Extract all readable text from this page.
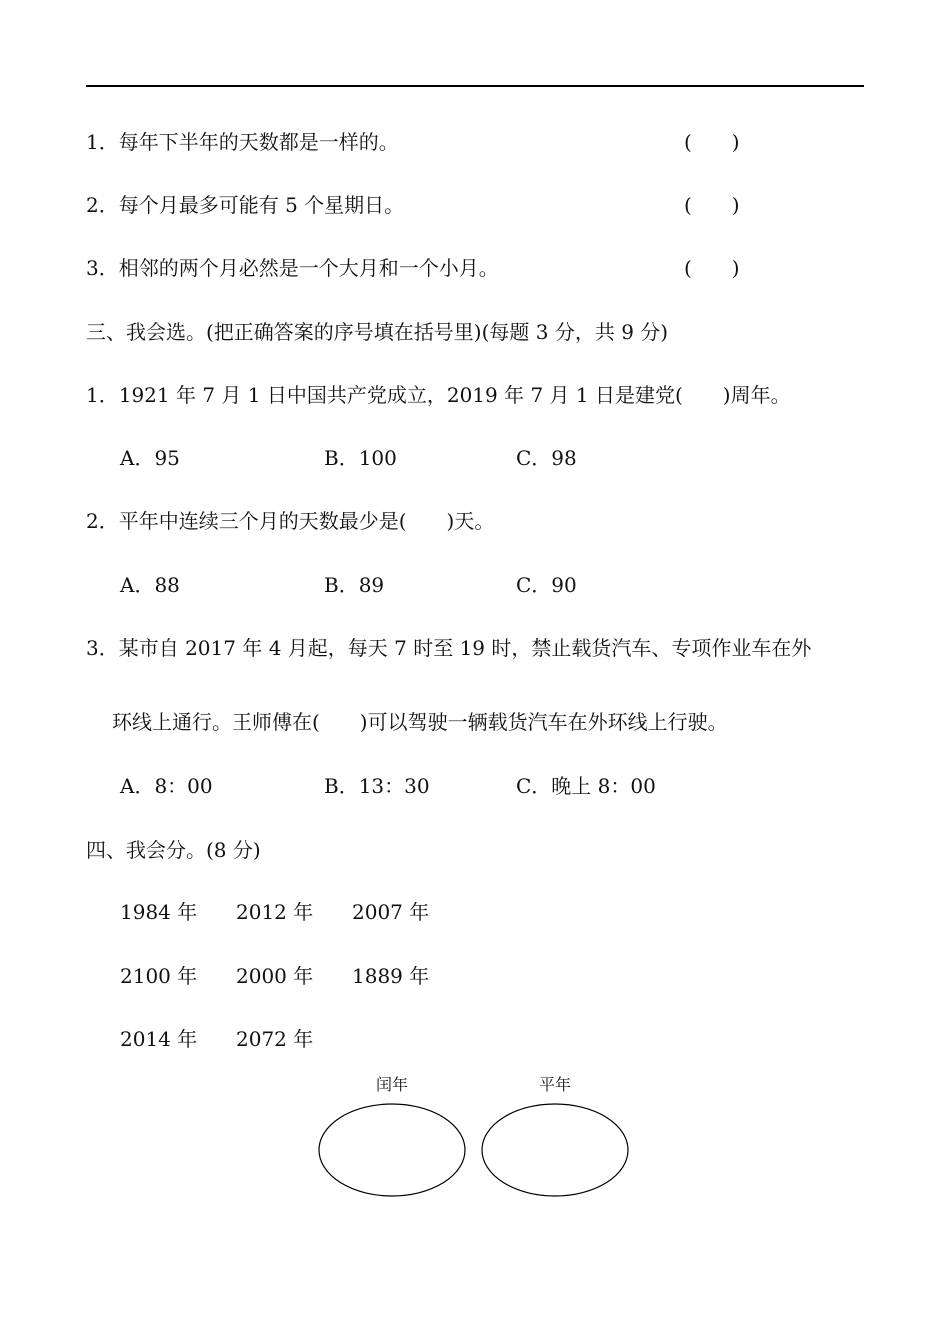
1．每年下半年的天数都是一样的。	(　　)
2．每个月最多可能有 5 个星期日。	(　　)
3．相邻的两个月必然是一个大月和一个小月。	(　　)
三、我会选。(把正确答案的序号填在括号里)(每题 3 分，共 9 分)
1．1921 年 7 月 1 日中国共产党成立，2019 年 7 月 1 日是建党(　　)周年。
A．95	B．100	C．98
2．平年中连续三个月的天数最少是(　　)天。
A．88	B．89	C．90
3．某市自 2017 年 4 月起，每天 7 时至 19 时，禁止载货汽车、专项作业车在外
环线上通行。王师傅在(　　)可以驾驶一辆载货汽车在外环线上行驶。
A．8：00	B．13：30	C．晚上 8：00
四、我会分。(8 分)
1984 年 2012 年 2007 年
2100 年 2000 年 1889 年
2014 年 2072 年
闰年	平年
